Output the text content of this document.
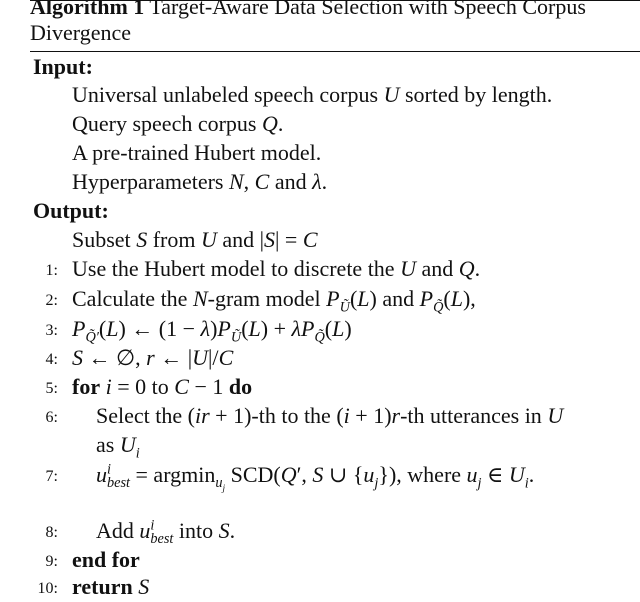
Algorithm 1 Target-Aware Data Selection with Speech Corpus
Divergence
Input:
Universal unlabeled speech corpus U sorted by length.
Query speech corpus Q.
A pre-trained Hubert model.
Hyperparameters N, C and λ.
Output:
Subset S from U and |S| = C
1: Use the Hubert model to discrete the U and Q.
2: Calculate the N-gram model $P_Ũ(L)$ and $P_{Q̃}(L)$,
3: $P_{Q̃'}(L)$ ← $(1 - \lambda)P_Ũ(L) + \lambda P_{Q̃}(L)$
4: S ← ∅, r ← |U|/C
5: for i = 0 to C − 1 do
6: Select the (ir + 1)-th to the (i + 1)r-th utterances in U
as $U_i$
7: $u^i_{best} = argmin_{u_j}$ SCD(Q′, S ∪ $\{u_j\}$), where $u_j$ ∈ $U_i$.
8: Add $u^i_{best}$ into S.
9: end for
10: return S
